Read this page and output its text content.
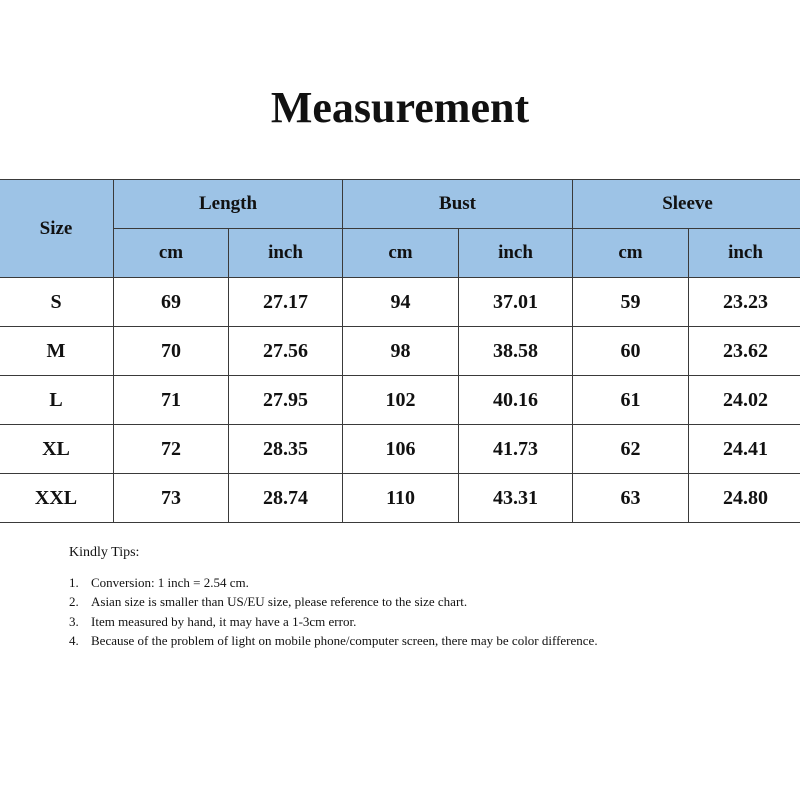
Measurement
Size	Length		Bust		Sleeve	
	cm	inch	cm	inch	cm	inch
S	69	27.17	94	37.01	59	23.23
M	70	27.56	98	38.58	60	23.62
L	71	27.95	102	40.16	61	24.02
XL	72	28.35	106	41.73	62	24.41
XXL	73	28.74	110	43.31	63	24.80
Kindly Tips:
1. Conversion: 1 inch = 2.54 cm.
2. Asian size is smaller than US/EU size, please reference to the size chart.
3. Item measured by hand, it may have a 1-3cm error.
4. Because of the problem of light on mobile phone/computer screen, there may be color difference.
